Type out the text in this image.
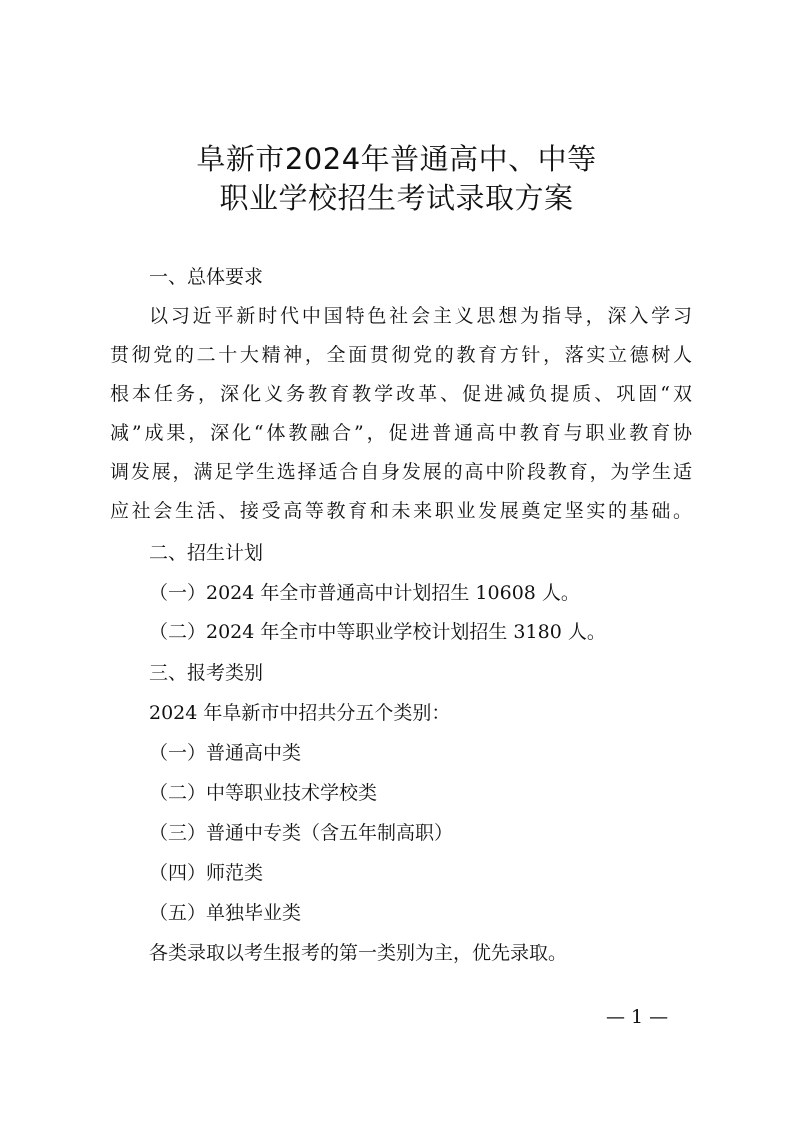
阜新市2024年普通高中、中等
职业学校招生考试录取方案
一、总体要求
以习近平新时代中国特色社会主义思想为指导，深入学习
贯彻党的二十大精神，全面贯彻党的教育方针，落实立德树人
根本任务，深化义务教育教学改革、促进减负提质、巩固“双
减”成果，深化“体教融合”，促进普通高中教育与职业教育协
调发展，满足学生选择适合自身发展的高中阶段教育，为学生适
应社会生活、接受高等教育和未来职业发展奠定坚实的基础。
二、招生计划
（一）2024 年全市普通高中计划招生 10608 人。
（二）2024 年全市中等职业学校计划招生 3180 人。
三、报考类别
2024 年阜新市中招共分五个类别：
（一）普通高中类
（二）中等职业技术学校类
（三）普通中专类（含五年制高职）
（四）师范类
（五）单独毕业类
各类录取以考生报考的第一类别为主，优先录取。
— 1 —
